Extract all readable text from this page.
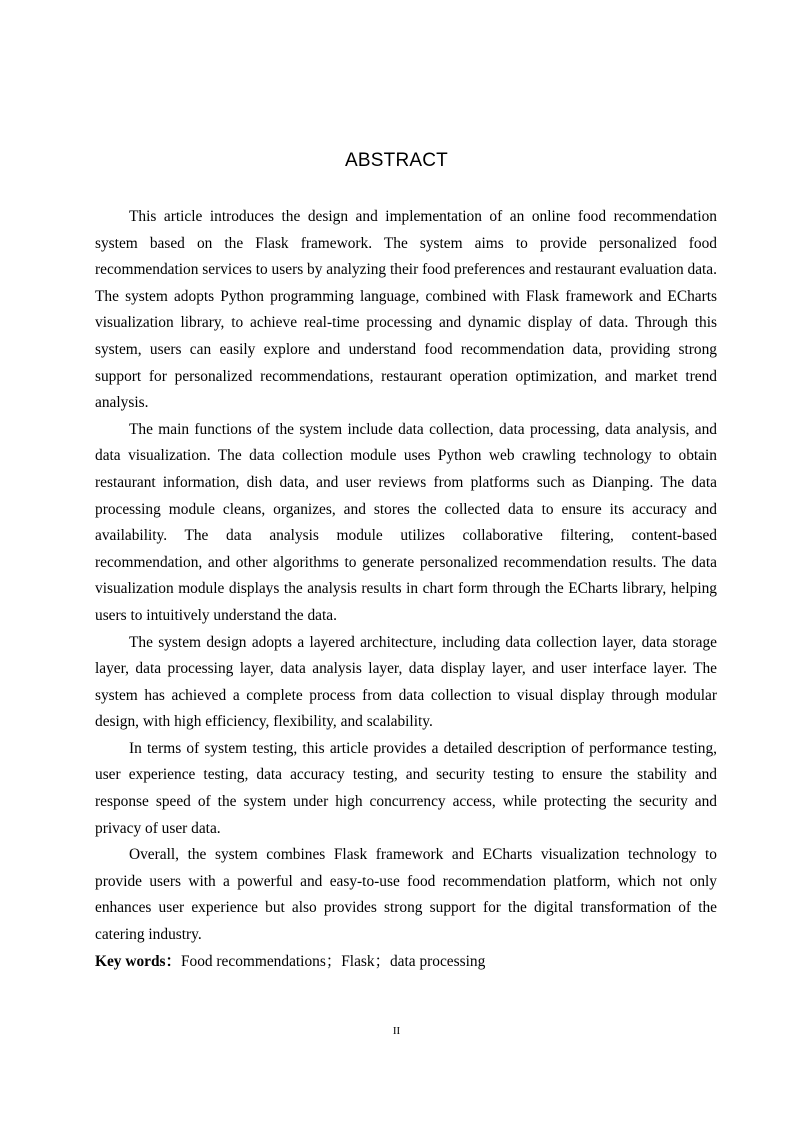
ABSTRACT

This article introduces the design and implementation of an online food recommendation system based on the Flask framework. The system aims to provide personalized food recommendation services to users by analyzing their food preferences and restaurant evaluation data. The system adopts Python programming language, combined with Flask framework and ECharts visualization library, to achieve real-time processing and dynamic display of data. Through this system, users can easily explore and understand food recommendation data, providing strong support for personalized recommendations, restaurant operation optimization, and market trend analysis.

The main functions of the system include data collection, data processing, data analysis, and data visualization. The data collection module uses Python web crawling technology to obtain restaurant information, dish data, and user reviews from platforms such as Dianping. The data processing module cleans, organizes, and stores the collected data to ensure its accuracy and availability. The data analysis module utilizes collaborative filtering, content-based recommendation, and other algorithms to generate personalized recommendation results. The data visualization module displays the analysis results in chart form through the ECharts library, helping users to intuitively understand the data.

The system design adopts a layered architecture, including data collection layer, data storage layer, data processing layer, data analysis layer, data display layer, and user interface layer. The system has achieved a complete process from data collection to visual display through modular design, with high efficiency, flexibility, and scalability.

In terms of system testing, this article provides a detailed description of performance testing, user experience testing, data accuracy testing, and security testing to ensure the stability and response speed of the system under high concurrency access, while protecting the security and privacy of user data.

Overall, the system combines Flask framework and ECharts visualization technology to provide users with a powerful and easy-to-use food recommendation platform, which not only enhances user experience but also provides strong support for the digital transformation of the catering industry.

Key words：Food recommendations；Flask；data processing

II
